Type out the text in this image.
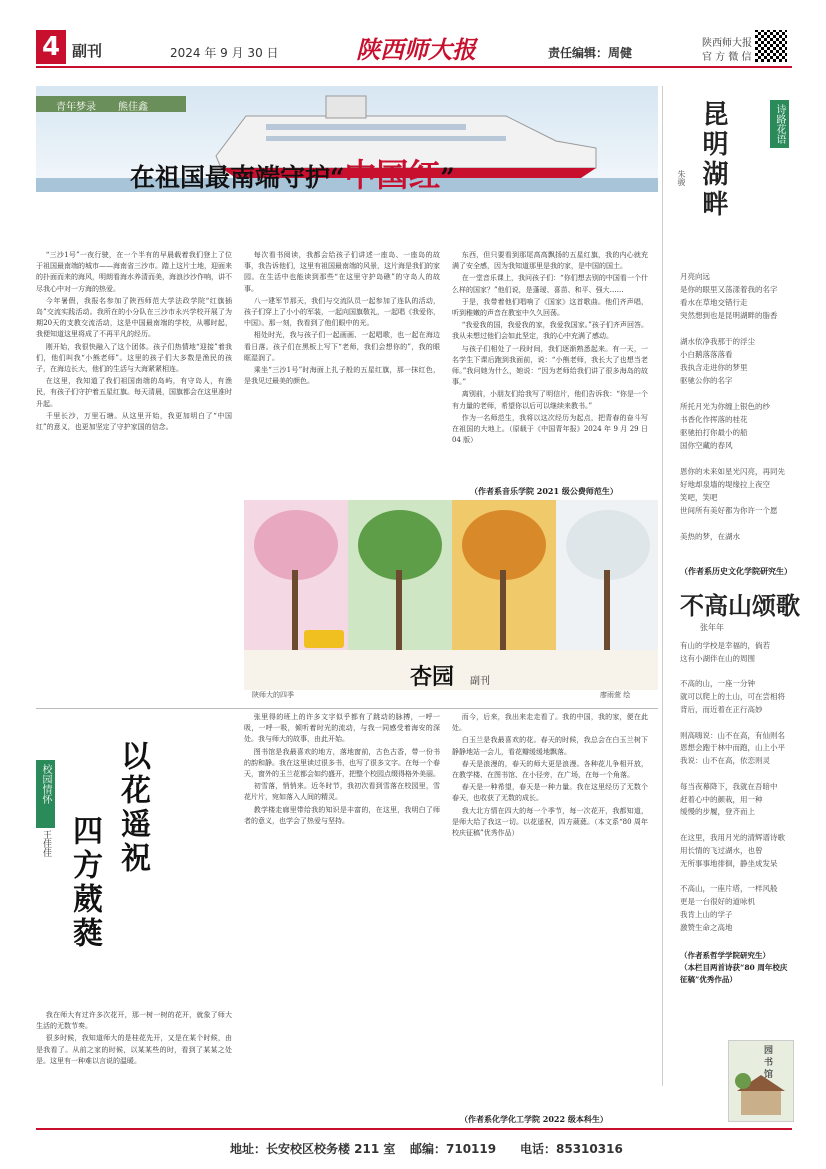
4 副刊	2024 年 9 月 30 日	陕西师大报	责任编辑：周健
陕西师大报
官 方 微 信
青年梦录 熊佳鑫
在祖国最南端守护“中国红”

“三沙1号”一夜行驶，在一个半有的早晨载着我们登上了位于祖国最南端的城市——海南省三沙市。踏上这片土地，迎面来的扑面而来的海风，明朗看海水养清而美，海浪沙沙作响，讲不尽我心中对一方海的热爱。

今年暑假，我报名参加了陕西师范大学法政学院“红旗插岛”交流实践活动。我所在的小分队在三沙市永兴学校开展了为期20天的支教交流活动，这是中国最南端的学校，从哪时起，我便知道这里将成了不再平凡的经历。

刚开始，我很快融入了这个团体。孩子们热情地“迎接”着我们，他们叫我“小熊老师”。这里的孩子们大多数是渔民的孩子，在海边长大，他们的生活与大海紧紧相连。

在这里，我知道了我们祖国南端的岛屿，有守岛人，有渔民，有孩子们守护着五星红旗。每天清晨，国旗都会在这里准时升起。

千里长沙，万里石塘。从这里开始，我更加明白了“中国红”的意义，也更加坚定了守护家国的信念。

每次看书阅读，我都会给孩子们讲述一座岛、一座岛的故事，我告诉他们，这里有祖国最南端的风景，这片海是我们的家园。在生活中也能读到那些“在这里守护岛礁”的守岛人的故事。

八一建军节那天，我们与交流队员一起参加了连队的活动，孩子们穿上了小小的军装，一起向国旗敬礼，一起唱《我爱你，中国》。那一刻，我看到了他们眼中的光。

相处时光，我与孩子们一起画画、一起唱歌，也一起在海边看日落。孩子们在黑板上写下“老师，我们会想你的”，我的眼眶湿润了。

乘坐“三沙1号”时海面上扎子般的五星红旗，那一抹红色，是我见过最美的颜色。

东西，但只要看到那尾高高飘扬的五星红旗，我的内心就充满了安全感，因为我知道那里是我的家，是中国的国土。

在一堂音乐课上，我问孩子们：“你们想去别的中国看一个什么样的国家？”他们说，是蓬瑷、喜苗、和平、强大……

于是，我带着他们唱响了《国家》这首歌曲。他们齐声唱，听到稚嫩的声音在教室中久久回荡。

“我爱我的国，我爱我的家，我爱我国家。”孩子们齐声回答。我从未想过他们会如此坚定，我的心中充满了感动。

与孩子们相处了一段时间，我们逐渐熟悉起来。有一天，一名学生下课后跑到我面前，说：“小熊老师，我长大了也想当老师。”我问她为什么，她说：“因为老师给我们讲了很多海岛的故事。”

离别前，小朋友们给我写了明信片，他们告诉我：“你是一个有力量的老师，希望你以后可以继续来教书。”

作为一名师范生，我将以这次经历为起点，把青春的奋斗写在祖国的大地上。（原载于《中国青年报》2024 年 9 月 29 日 04 版）

（作者系音乐学院 2021 级公费师范生）
陕师大的四季	廖雨萱 绘
杏园 副刊
诗路花语
昆明湖畔
朱骏

月亮向远

是你的眼里又荡漾着我的名字

看水在草地交错行走

突然想到也是昆明湖畔的脂香

湖水依净我那于的浮尘

小白鹅落落落看

我执含走进你的梦里

驱驰公你的名字

所托月光为你缠上银色的纱

书香化作挥落的桂花

驱驰拍打你最小的船

国你空藏的春风

恩你的未来如星光闪亮，再同先

好地却泉墙的堤缘拉上夜空

笑吧，笑吧

世间所有美好都为你许一个愿

美热的梦，在湖水

（作者系历史文化学院研究生）
不高山颂歌
张年年

有山的学校是幸福的，倘若

这有小湖伴在山的周围

不高的山，一座一分钟

就可以爬上的土山，可在尝相将

背后，而近着在正行高妙

则高嗨说：山不在高，有仙则名

恩想会跑于林中而跑，山上小平

我说：山不在高，依恋则灵

每当夜幕降下，我就在吾暗中

赶着心中的颜栽，用一种

缓慢的步履，登齐而上

在这里，我用月光的清辉谱诗歌

用长情的飞过湖水，也曾

无所事事地徘徊，静坐成发呆

不高山，一座片塔，一样风般

更是一台很好的道咏机

我肯上山的学子

激赞生命之高地

（作者系哲学学院研究生）
（本栏目两首诗获“80 周年校庆征稿”优秀作品）
园 书 馆
校园情怀
王佳佳 以花遥祝
四方葳蕤

我在师大有过许多次花开，那一树一树的花开，就象了师大生活的无数节奏。

很多时候，我知道师大的是桂花先开，又是在某个时候，由是我看了。从前之家的时候，以某某些的时，看到了某某之处是。这里有一种难以言说的温暖。

张里得的班上的许多文字似乎都有了跳动的脉搏，一呼一吸，一呼一吸，倾听着时光的流动，与我一同感受着海安的深处。我与师大的故事，由此开始。

图书馆是我最喜欢的地方，落地窗前，古色古香，带一份书的韵和静。我在这里读过很多书，也写了很多文字。在每一个春天，窗外的玉兰花都会如约盛开，把整个校园点缀得格外美丽。

初雪落，悄悄来。近冬时节，我初次看到雪落在校园里，雪花片片，宛如落入人间的精灵。

教学楼走廊里带给我的知识是丰富的，在这里，我明白了师者的意义，也学会了热爱与坚持。

而今，后来，我出来走走看了。我的中国，我的家，便在此处。

白玉兰是我最喜欢的花。春天的时候，我总会在白玉兰树下静静地站一会儿，看花瓣缓缓地飘落。

春天是浪漫的，春天的师大更是浪漫。各种花儿争相开放，在教学楼、在图书馆、在小径旁，在广场，在每一个角落。

春天是一种希望，春天是一种力量。我在这里经历了无数个春天，也收获了无数的成长。

我大北方情在四大的每一个季节，每一次花开，我都知道，是师大给了我这一切。以花遥祝，四方葳蕤。（本文系“80 周年校庆征稿”优秀作品）

（作者系化学化工学院 2022 级本科生）
地址：长安校区校务楼 211 室 邮编：710119 电话：85310316
